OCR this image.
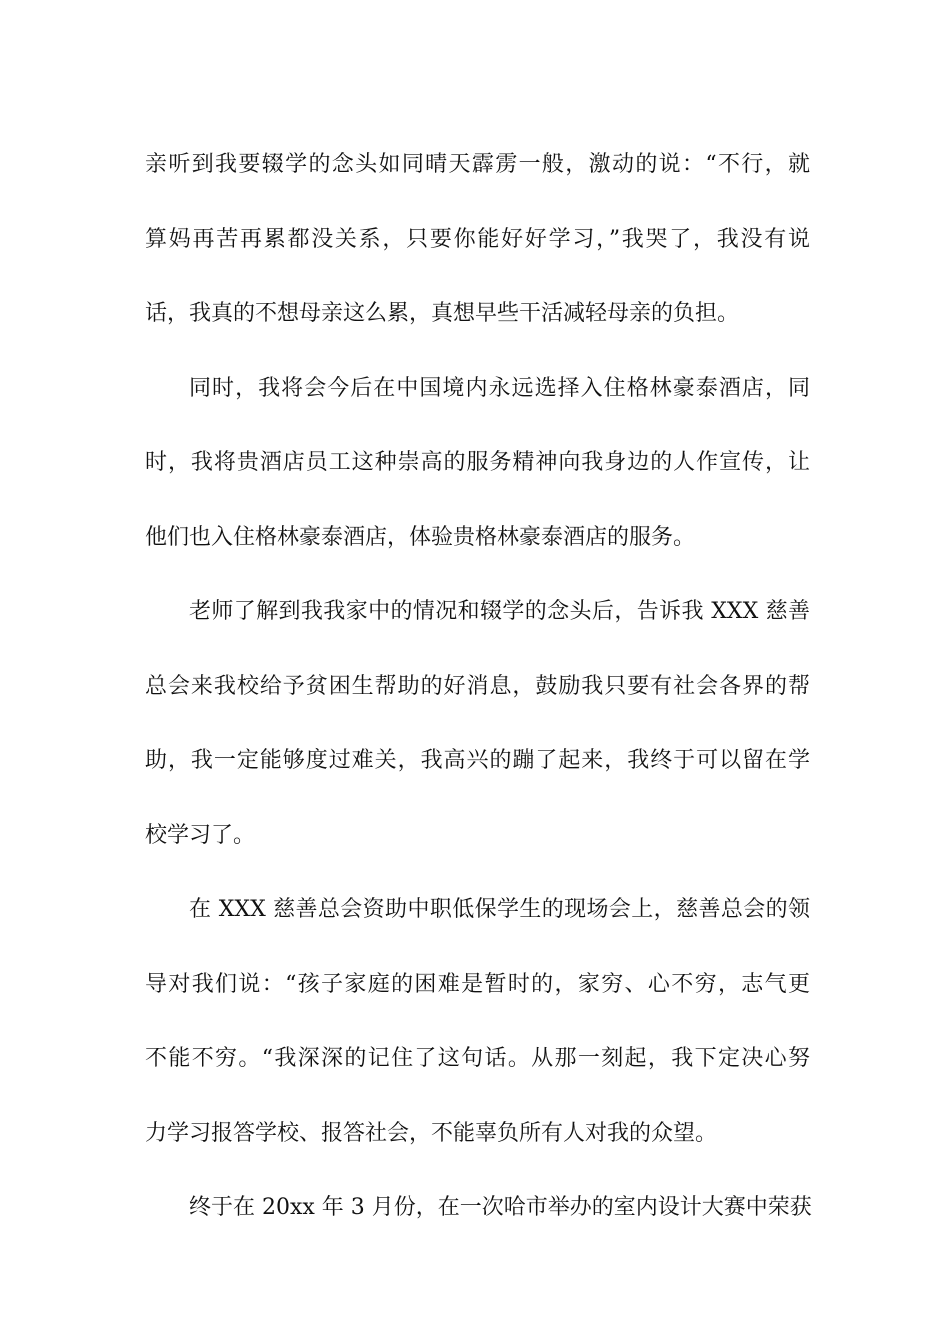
亲听到我要辍学的念头如同晴天霹雳一般，激动的说：“不行，就
算妈再苦再累都没关系，只要你能好好学习，”我哭了，我没有说
话，我真的不想母亲这么累，真想早些干活减轻母亲的负担。
同时，我将会今后在中国境内永远选择入住格林豪泰酒店，同
时，我将贵酒店员工这种崇高的服务精神向我身边的人作宣传，让
他们也入住格林豪泰酒店，体验贵格林豪泰酒店的服务。
老师了解到我我家中的情况和辍学的念头后，告诉我 XXX 慈善
总会来我校给予贫困生帮助的好消息，鼓励我只要有社会各界的帮
助，我一定能够度过难关，我高兴的蹦了起来，我终于可以留在学
校学习了。
在 XXX 慈善总会资助中职低保学生的现场会上，慈善总会的领
导对我们说：“孩子家庭的困难是暂时的，家穷、心不穷，志气更
不能不穷。“我深深的记住了这句话。从那一刻起，我下定决心努
力学习报答学校、报答社会，不能辜负所有人对我的众望。
终于在 20xx 年 3 月份，在一次哈市举办的室内设计大赛中荣获
